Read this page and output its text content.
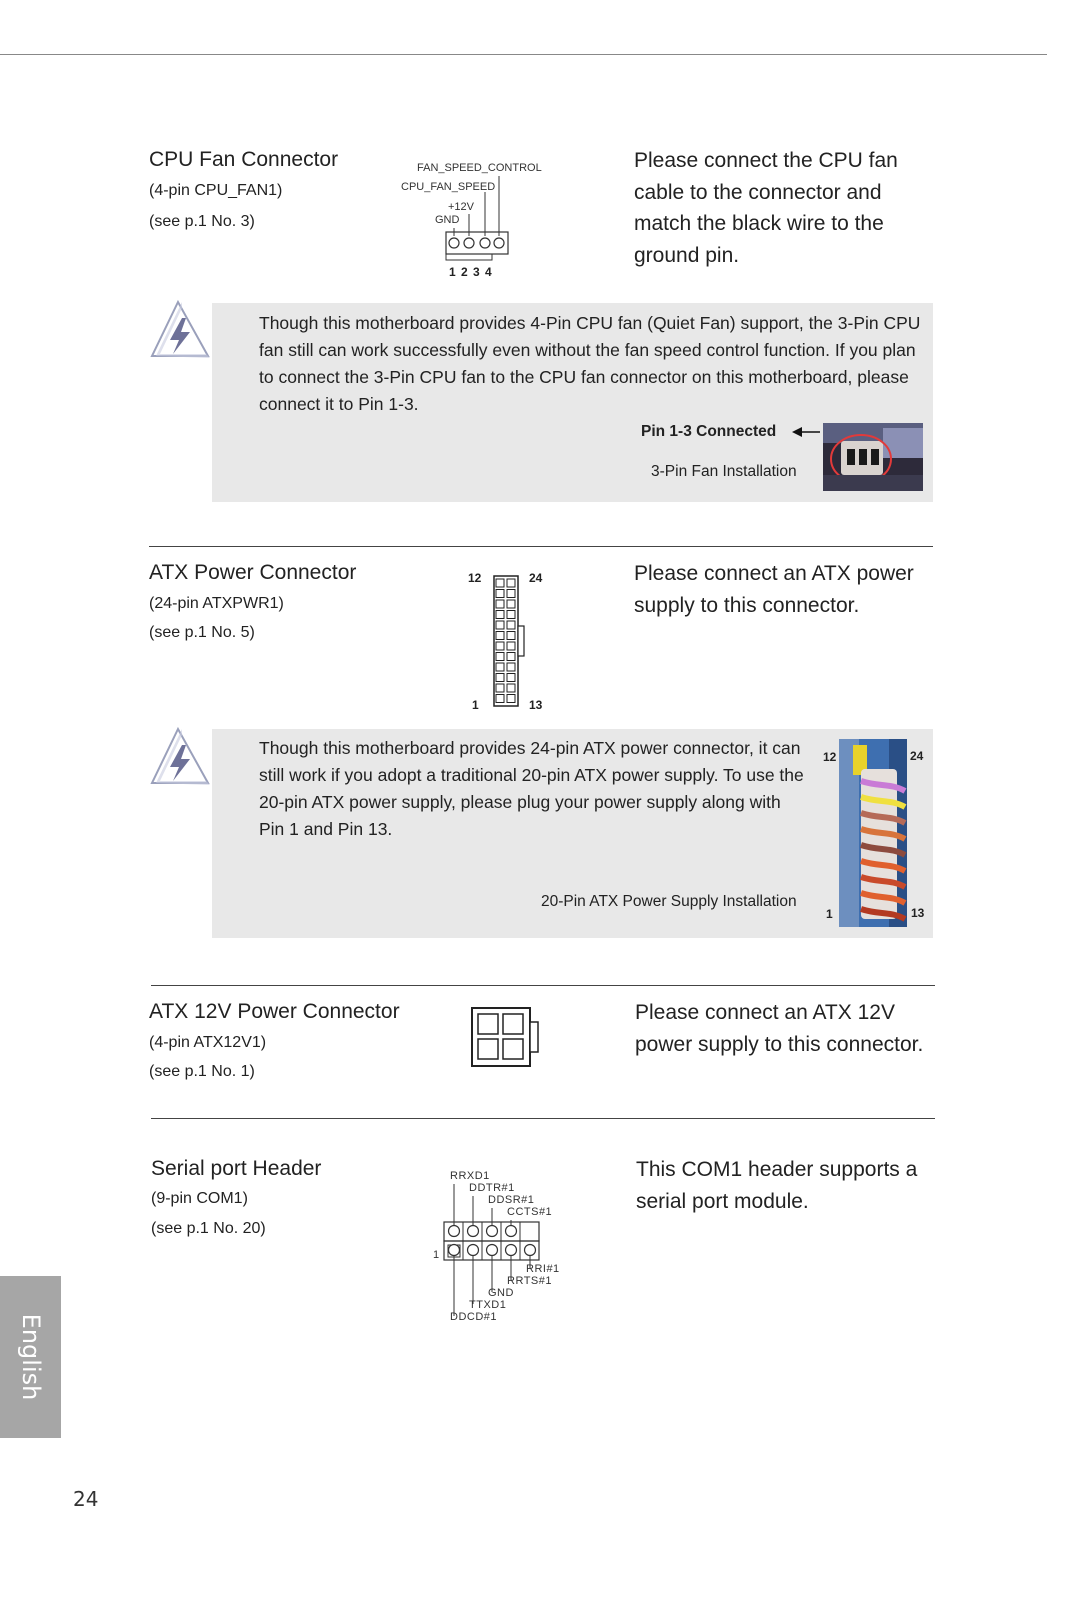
CPU Fan Connector
(4-pin CPU_FAN1)
(see p.1 No. 3)
FAN_SPEED_CONTROL
CPU_FAN_SPEED
+12V
GND
1 2 3 4
Please connect the CPU fan cable to the connector and match the black wire to the ground pin.
Though this motherboard provides 4-Pin CPU fan (Quiet Fan) support, the 3-Pin CPU fan still can work successfully even without the fan speed control function. If you plan to connect the 3-Pin CPU fan to the CPU fan connector on this motherboard, please connect it to Pin 1-3.
Pin 1-3 Connected
3-Pin Fan Installation
ATX Power Connector
(24-pin ATXPWR1)
(see p.1 No. 5)
12	24
1	13
Please connect an ATX power supply to this connector.
Though this motherboard provides 24-pin ATX power connector, it can still work if you adopt a traditional 20-pin ATX power supply. To use the 20-pin ATX power supply, please plug your power supply along with Pin 1 and Pin 13.
20-Pin ATX Power Supply Installation
12	24
1	13
ATX 12V Power Connector
(4-pin ATX12V1)
(see p.1 No. 1)
Please connect an ATX 12V power supply to this connector.
Serial port Header
(9-pin COM1)
(see p.1 No. 20)
RRXD1
DDTR#1
DDSR#1
CCTS#1
1
RRI#1
RRTS#1
GND
TTXD1
DDCD#1
This COM1 header supports a serial port module.
English
24
